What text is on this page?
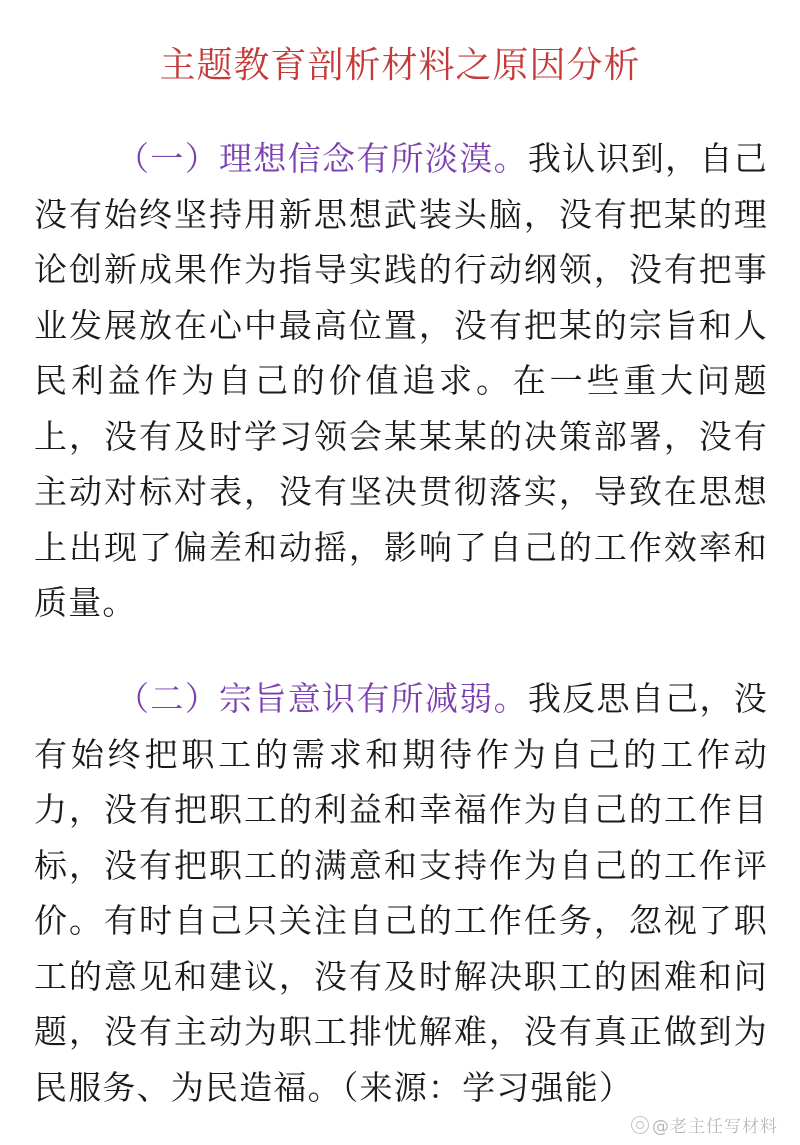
主题教育剖析材料之原因分析

（一）理想信念有所淡漠。我认识到，自己没有始终坚持用新思想武装头脑，没有把某的理论创新成果作为指导实践的行动纲领，没有把事业发展放在心中最高位置，没有把某的宗旨和人民利益作为自己的价值追求。在一些重大问题上，没有及时学习领会某某某的决策部署，没有主动对标对表，没有坚决贯彻落实，导致在思想上出现了偏差和动摇，影响了自己的工作效率和质量。

（二）宗旨意识有所减弱。我反思自己，没有始终把职工的需求和期待作为自己的工作动力，没有把职工的利益和幸福作为自己的工作目标，没有把职工的满意和支持作为自己的工作评价。有时自己只关注自己的工作任务，忽视了职工的意见和建议，没有及时解决职工的困难和问题，没有主动为职工排忧解难，没有真正做到为民服务、为民造福。（来源：学习强能）

@老主任写材料
